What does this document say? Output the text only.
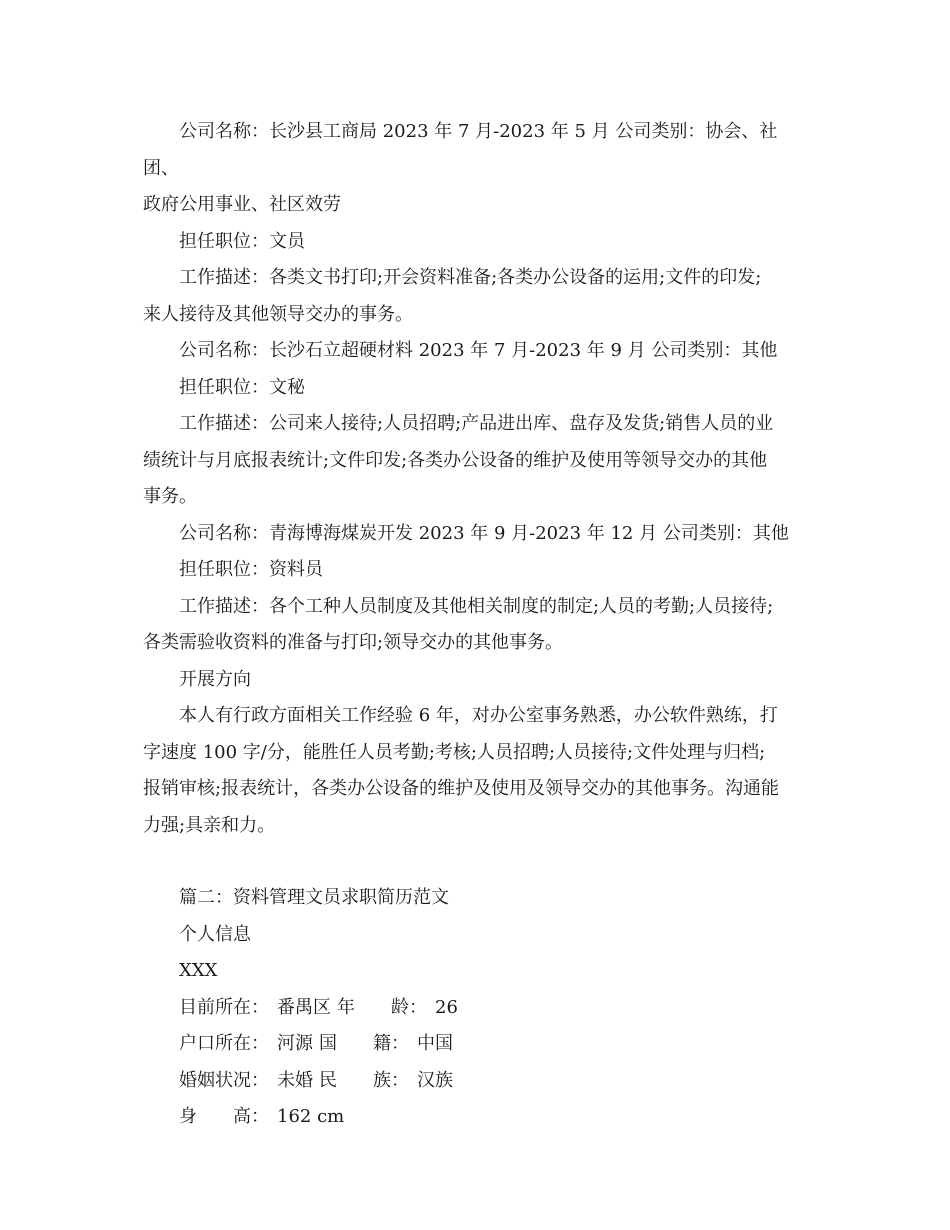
公司名称：长沙县工商局 2023 年 7 月-2023 年 5 月 公司类别：协会、社团、

政府公用事业、社区效劳

担任职位：文员

工作描述：各类文书打印;开会资料准备;各类办公设备的运用;文件的印发;

来人接待及其他领导交办的事务。

公司名称：长沙石立超硬材料 2023 年 7 月-2023 年 9 月 公司类别：其他

担任职位：文秘

工作描述：公司来人接待;人员招聘;产品进出库、盘存及发货;销售人员的业

绩统计与月底报表统计;文件印发;各类办公设备的维护及使用等领导交办的其他

事务。

公司名称：青海博海煤炭开发 2023 年 9 月-2023 年 12 月 公司类别：其他

担任职位：资料员

工作描述：各个工种人员制度及其他相关制度的制定;人员的考勤;人员接待;

各类需验收资料的准备与打印;领导交办的其他事务。

开展方向

本人有行政方面相关工作经验 6 年，对办公室事务熟悉，办公软件熟练，打

字速度 100 字/分，能胜任人员考勤;考核;人员招聘;人员接待;文件处理与归档;

报销审核;报表统计，各类办公设备的维护及使用及领导交办的其他事务。沟通能

力强;具亲和力。

篇二：资料管理文员求职简历范文

个人信息

XXX

目前所在： 番禺区 年　　龄： 26
户口所在： 河源 国　　籍： 中国
婚姻状况： 未婚 民　　族： 汉族
身　　高： 162 cm
